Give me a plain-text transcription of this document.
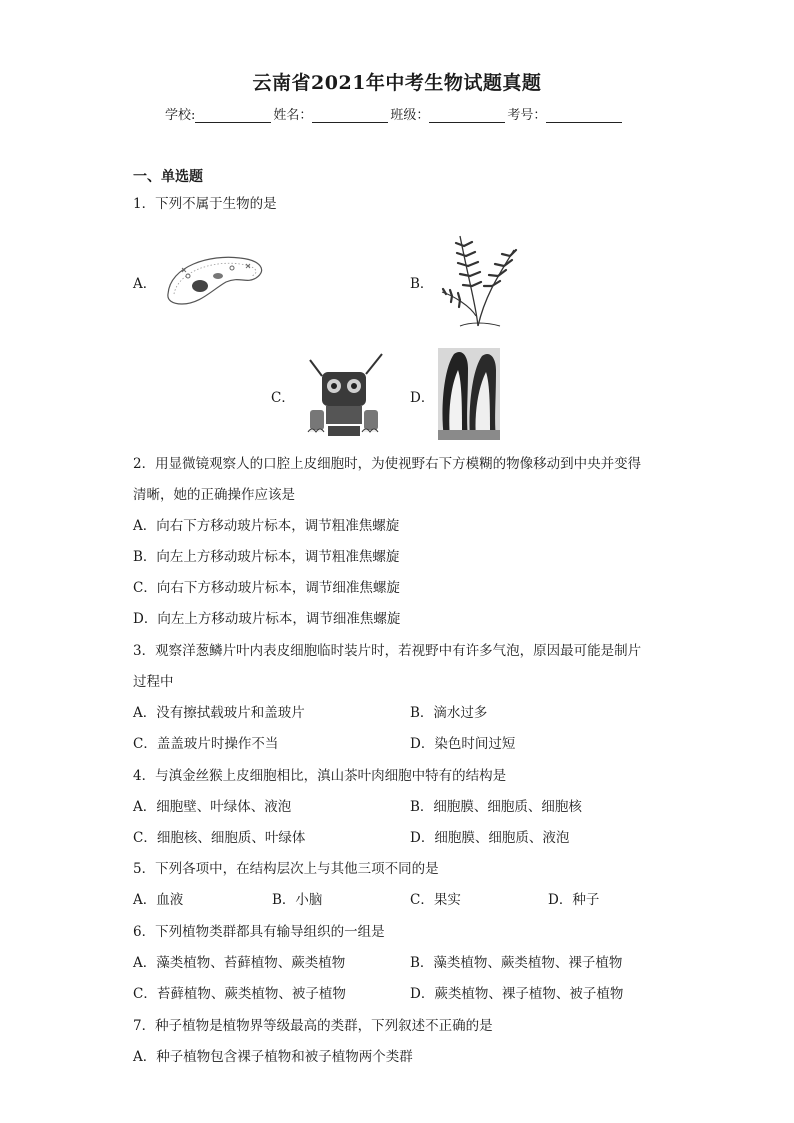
云南省2021年中考生物试题真题
学校:	姓名：	班级：	考号：
一、单选题
1．下列不属于生物的是
A．	B．
C．	D．
2．用显微镜观察人的口腔上皮细胞时，为使视野右下方模糊的物像移动到中央并变得
清晰，她的正确操作应该是
A．向右下方移动玻片标本，调节粗准焦螺旋
B．向左上方移动玻片标本，调节粗准焦螺旋
C．向右下方移动玻片标本，调节细准焦螺旋
D．向左上方移动玻片标本，调节细准焦螺旋
3．观察洋葱鳞片叶内表皮细胞临时装片时，若视野中有许多气泡，原因最可能是制片
过程中
A．没有擦拭载玻片和盖玻片	B．滴水过多
C．盖盖玻片时操作不当	D．染色时间过短
4．与滇金丝猴上皮细胞相比，滇山茶叶肉细胞中特有的结构是
A．细胞壁、叶绿体、液泡	B．细胞膜、细胞质、细胞核
C．细胞核、细胞质、叶绿体	D．细胞膜、细胞质、液泡
5．下列各项中，在结构层次上与其他三项不同的是
A．血液	B．小脑	C．果实	D．种子
6．下列植物类群都具有输导组织的一组是
A．藻类植物、苔藓植物、蕨类植物	B．藻类植物、蕨类植物、裸子植物
C．苔藓植物、蕨类植物、被子植物	D．蕨类植物、裸子植物、被子植物
7．种子植物是植物界等级最高的类群，下列叙述不正确的是
A．种子植物包含裸子植物和被子植物两个类群
